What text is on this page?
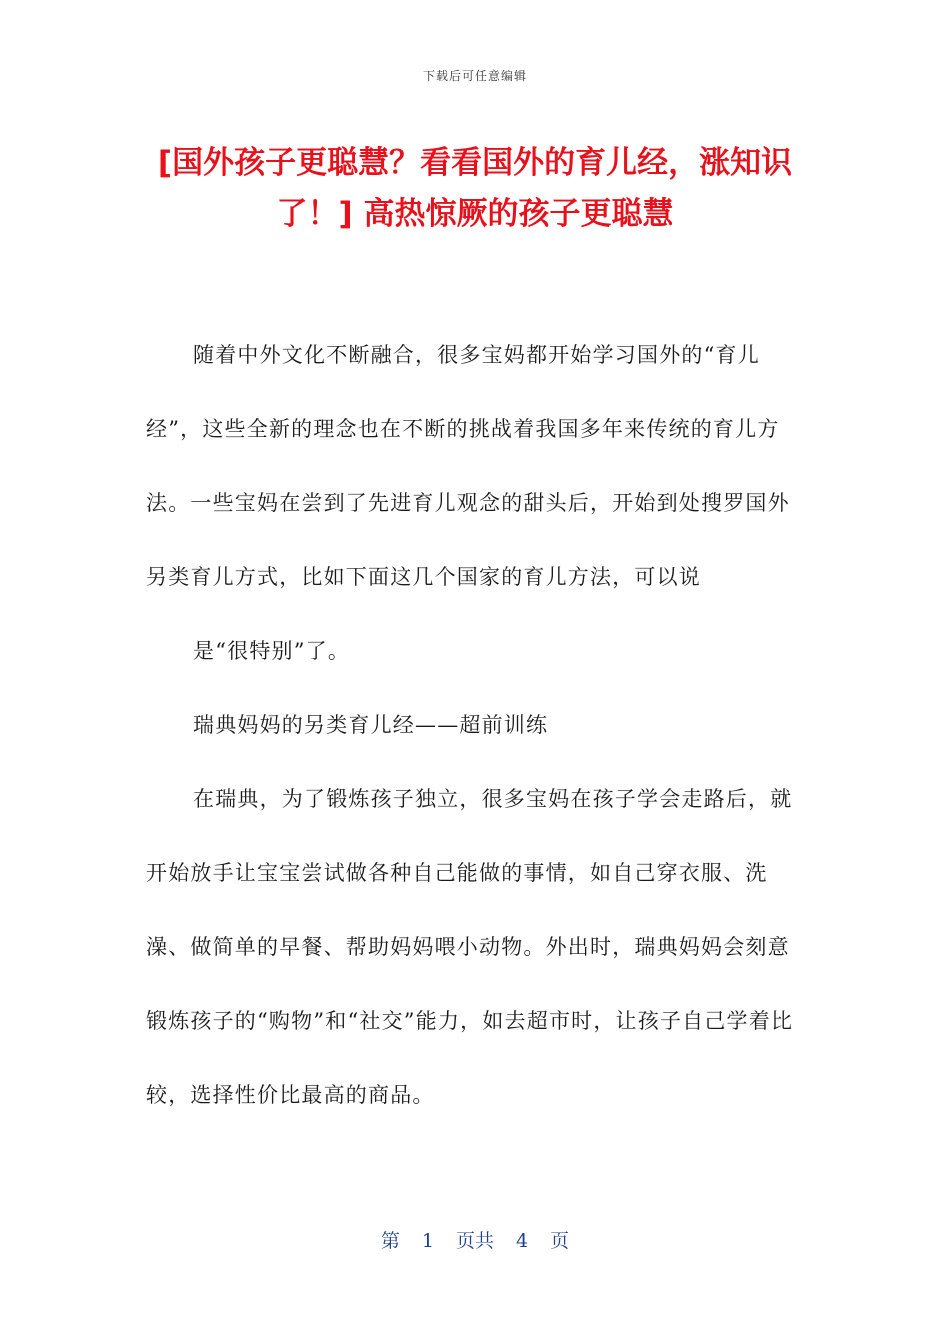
下载后可任意编辑
[国外孩子更聪慧？看看国外的育儿经，涨知识了！] 高热惊厥的孩子更聪慧

随着中外文化不断融合，很多宝妈都开始学习国外的“育儿经”，这些全新的理念也在不断的挑战着我国多年来传统的育儿方法。一些宝妈在尝到了先进育儿观念的甜头后，开始到处搜罗国外另类育儿方式，比如下面这几个国家的育儿方法，可以说

是“很特别”了。

瑞典妈妈的另类育儿经——超前训练

在瑞典，为了锻炼孩子独立，很多宝妈在孩子学会走路后，就开始放手让宝宝尝试做各种自己能做的事情，如自己穿衣服、洗澡、做简单的早餐、帮助妈妈喂小动物。外出时，瑞典妈妈会刻意锻炼孩子的“购物”和“社交”能力，如去超市时，让孩子自己学着比较，选择性价比最高的商品。

第 1 页共 4 页
